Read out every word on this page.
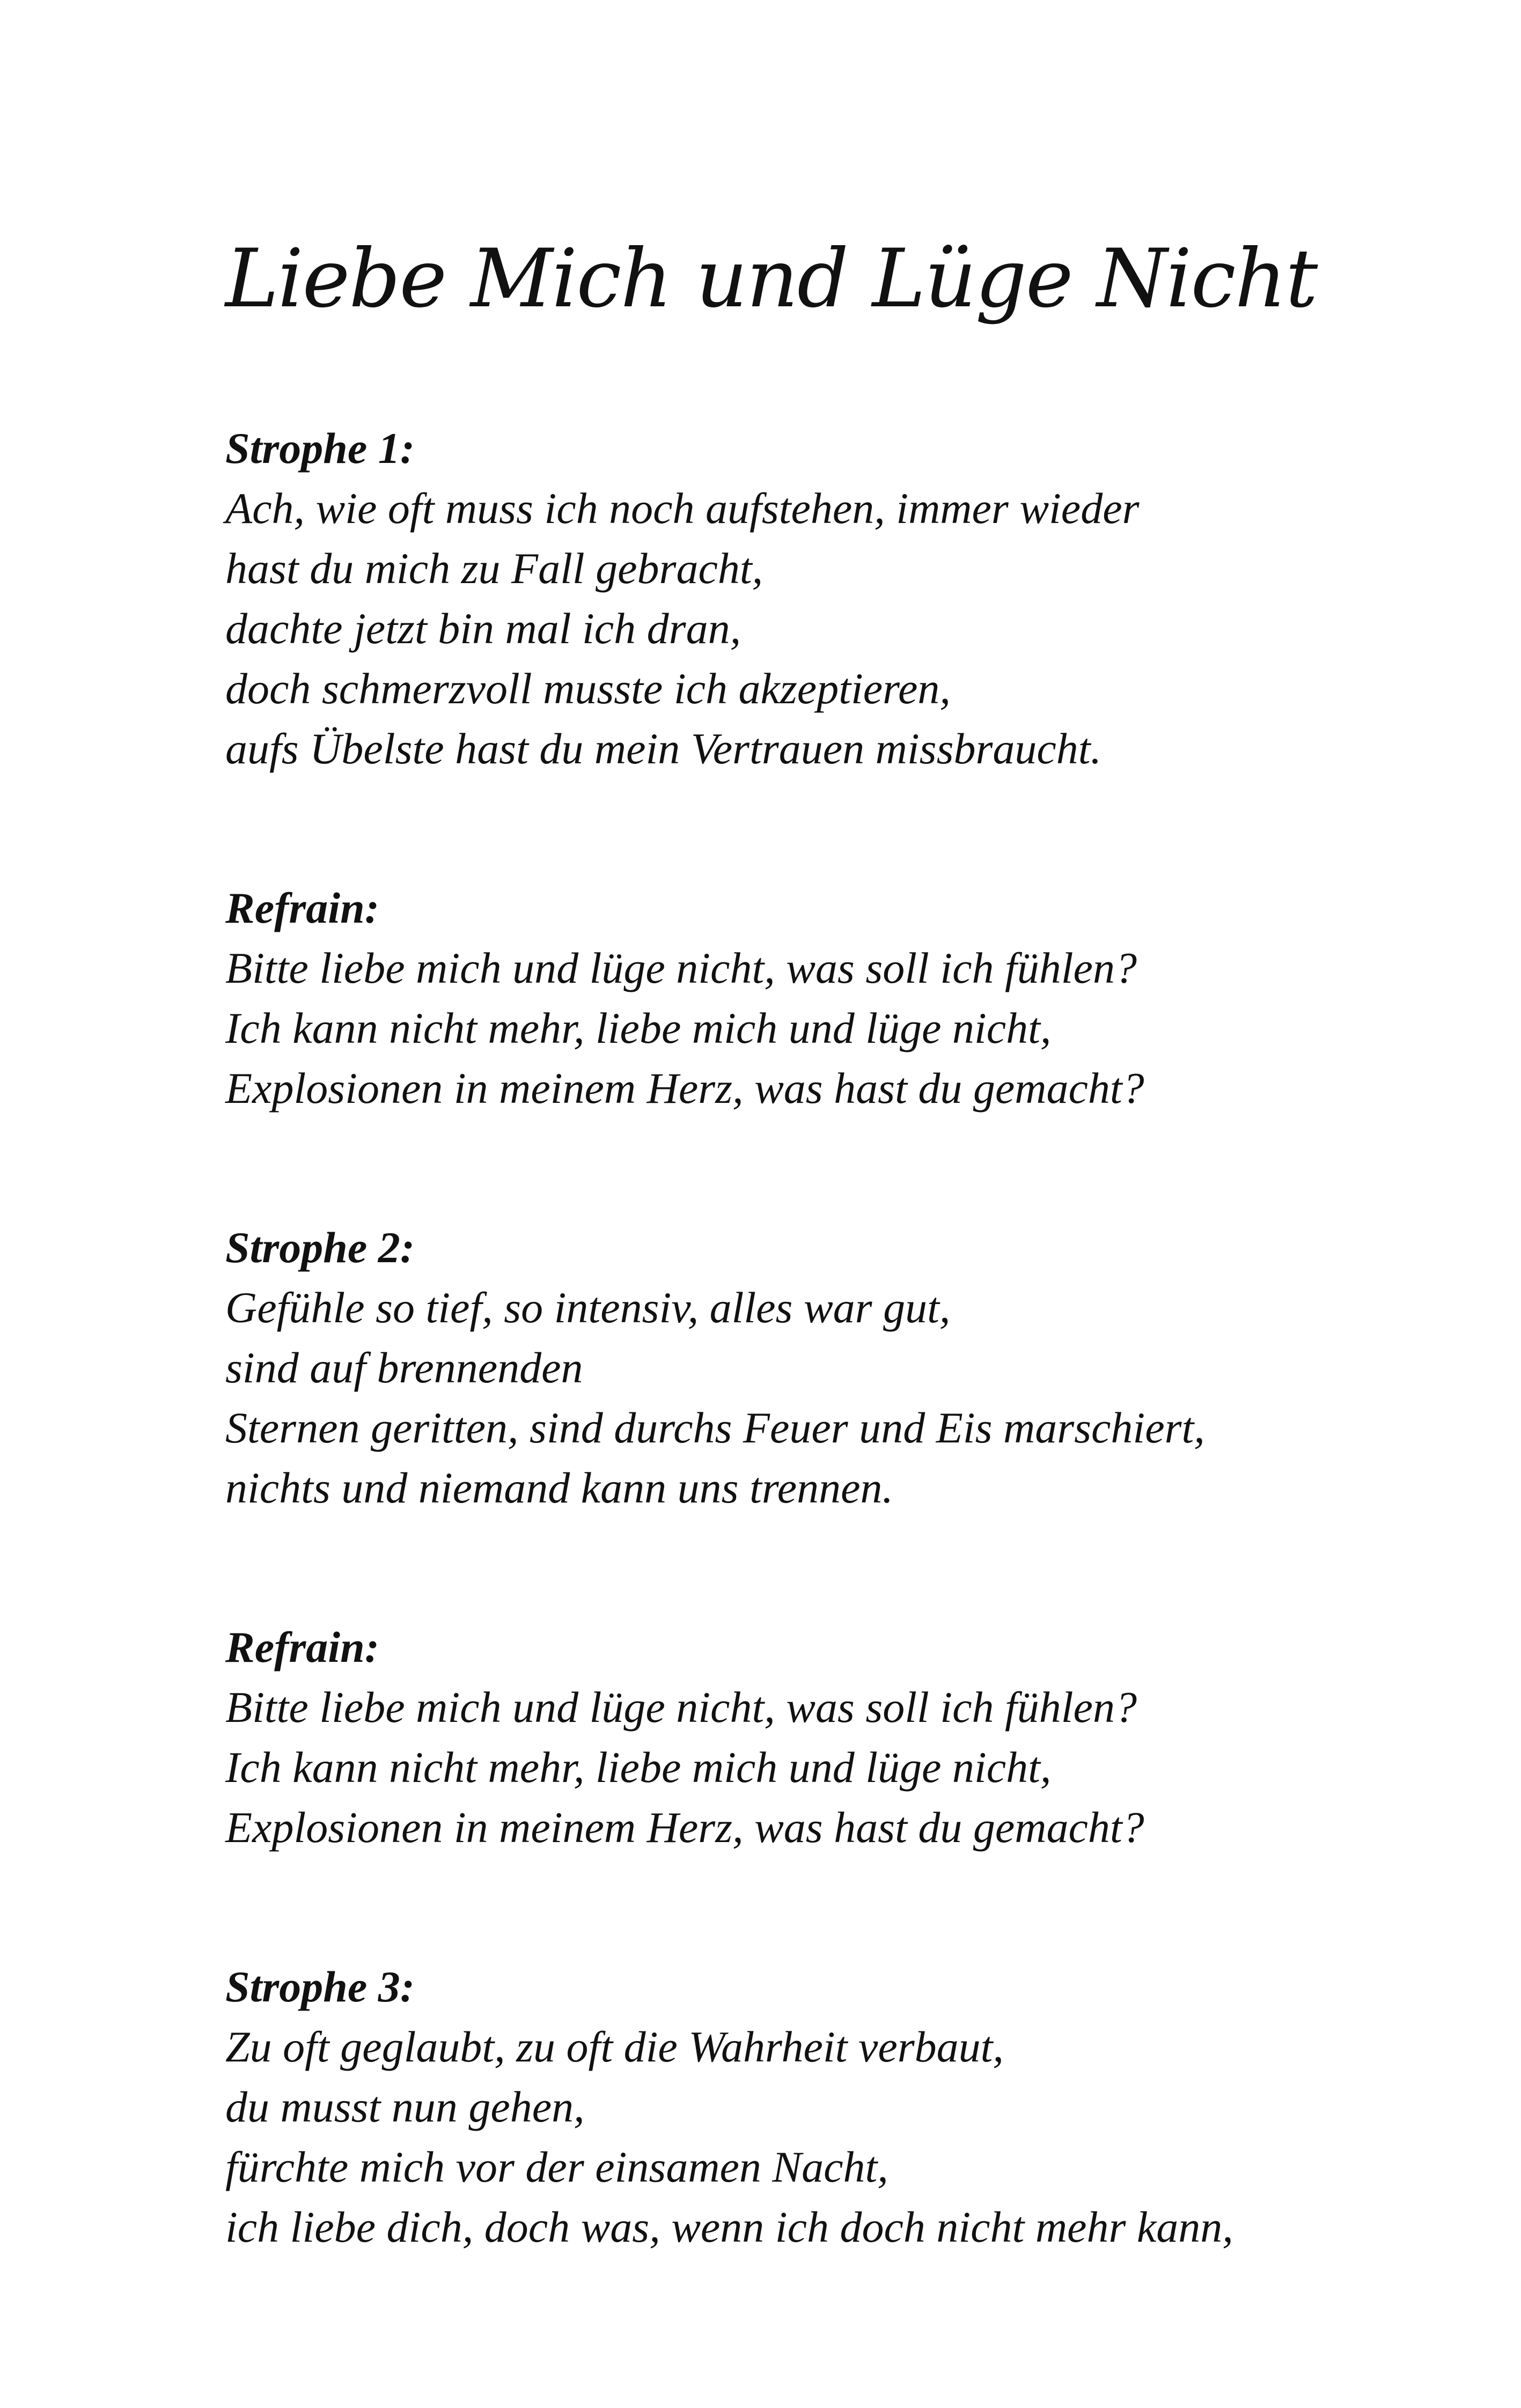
Liebe Mich und Lüge Nicht
Strophe 1:
Ach, wie oft muss ich noch aufstehen, immer wieder
hast du mich zu Fall gebracht,
dachte jetzt bin mal ich dran,
doch schmerzvoll musste ich akzeptieren,
aufs Übelste hast du mein Vertrauen missbraucht.
Refrain:
Bitte liebe mich und lüge nicht, was soll ich fühlen?
Ich kann nicht mehr, liebe mich und lüge nicht,
Explosionen in meinem Herz, was hast du gemacht?
Strophe 2:
Gefühle so tief, so intensiv, alles war gut,
sind auf brennenden
Sternen geritten, sind durchs Feuer und Eis marschiert,
nichts und niemand kann uns trennen.
Refrain:
Bitte liebe mich und lüge nicht, was soll ich fühlen?
Ich kann nicht mehr, liebe mich und lüge nicht,
Explosionen in meinem Herz, was hast du gemacht?
Strophe 3:
Zu oft geglaubt, zu oft die Wahrheit verbaut,
du musst nun gehen,
fürchte mich vor der einsamen Nacht,
ich liebe dich, doch was, wenn ich doch nicht mehr kann,
